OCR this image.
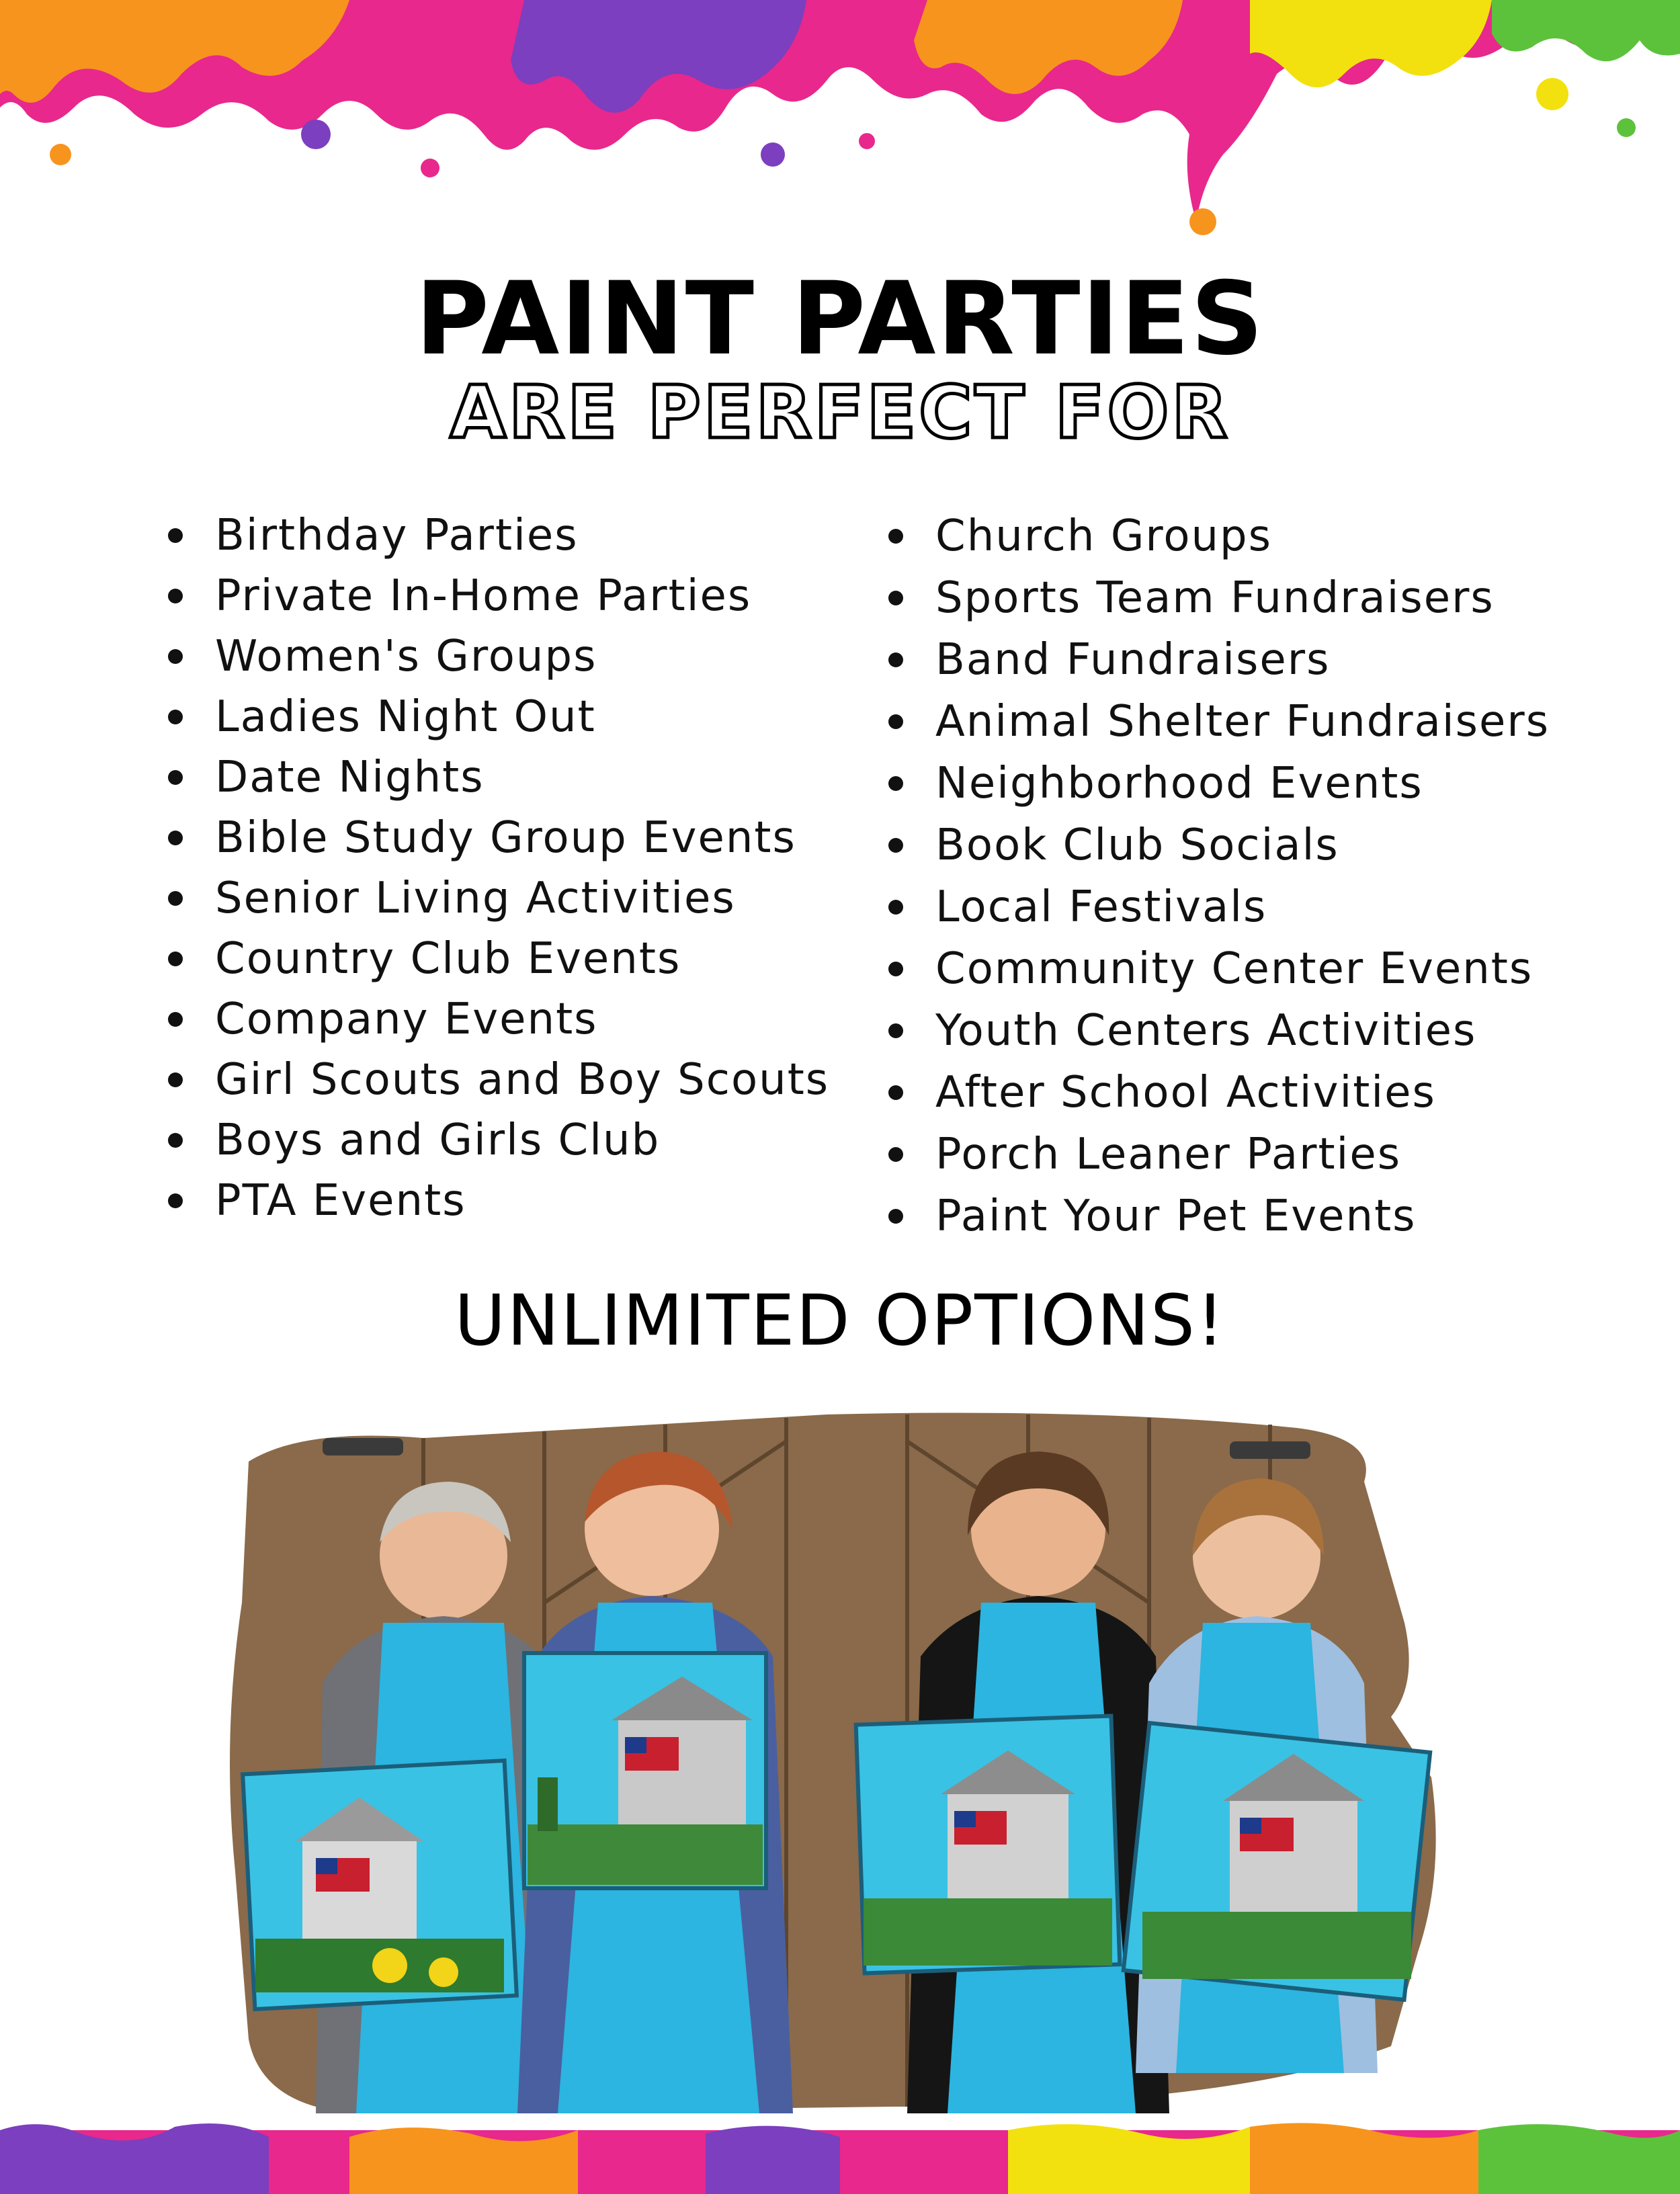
PAINT PARTIES
ARE PERFECT FOR
Birthday Parties
Private In-Home Parties
Women's Groups
Ladies Night Out
Date Nights
Bible Study Group Events
Senior Living Activities
Country Club Events
Company Events
Girl Scouts and Boy Scouts
Boys and Girls Club
PTA Events
Church Groups
Sports Team Fundraisers
Band Fundraisers
Animal Shelter Fundraisers
Neighborhood Events
Book Club Socials
Local Festivals
Community Center Events
Youth Centers Activities
After School Activities
Porch Leaner Parties
Paint Your Pet Events
UNLIMITED OPTIONS!
